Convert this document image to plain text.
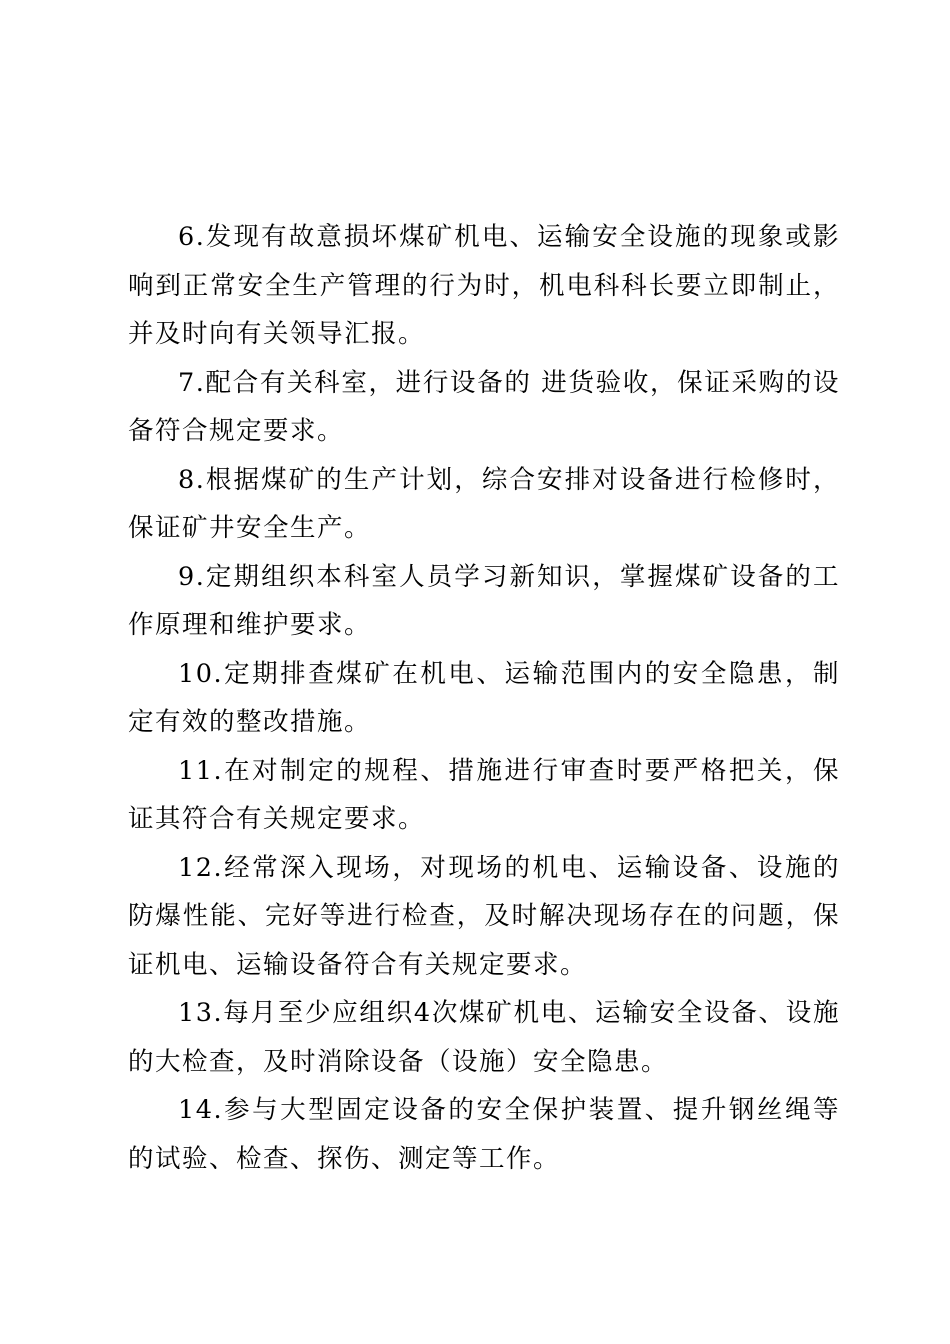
6.发现有故意损坏煤矿机电、运输安全设施的现象或影响到正常安全生产管理的行为时，机电科科长要立即制止，并及时向有关领导汇报。

7.配合有关科室，进行设备的 进货验收，保证采购的设备符合规定要求。

8.根据煤矿的生产计划，综合安排对设备进行检修时，保证矿井安全生产。

9.定期组织本科室人员学习新知识，掌握煤矿设备的工作原理和维护要求。

10.定期排查煤矿在机电、运输范围内的安全隐患，制定有效的整改措施。

11.在对制定的规程、措施进行审查时要严格把关，保证其符合有关规定要求。

12.经常深入现场，对现场的机电、运输设备、设施的防爆性能、完好等进行检查，及时解决现场存在的问题，保证机电、运输设备符合有关规定要求。

13.每月至少应组织4次煤矿机电、运输安全设备、设施的大检查，及时消除设备（设施）安全隐患。

14.参与大型固定设备的安全保护装置、提升钢丝绳等的试验、检查、探伤、测定等工作。
